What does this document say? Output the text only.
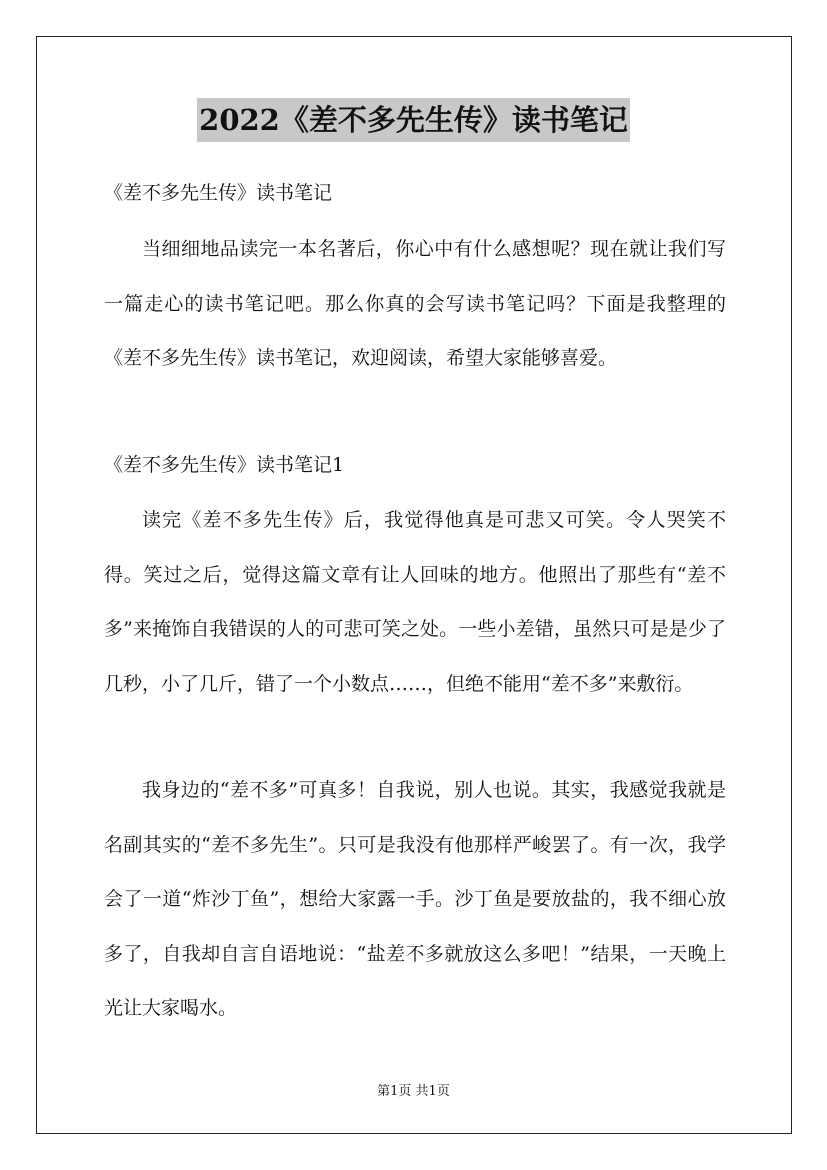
2022《差不多先生传》读书笔记
《差不多先生传》读书笔记

当细细地品读完一本名著后，你心中有什么感想呢？现在就让我们写一篇走心的读书笔记吧。那么你真的会写读书笔记吗？下面是我整理的《差不多先生传》读书笔记，欢迎阅读，希望大家能够喜爱。

《差不多先生传》读书笔记1

读完《差不多先生传》后，我觉得他真是可悲又可笑。令人哭笑不得。笑过之后，觉得这篇文章有让人回味的地方。他照出了那些有“差不多”来掩饰自我错误的人的可悲可笑之处。一些小差错，虽然只可是是少了几秒，小了几斤，错了一个小数点……，但绝不能用“差不多”来敷衍。

我身边的“差不多”可真多！自我说，别人也说。其实，我感觉我就是名副其实的“差不多先生”。只可是我没有他那样严峻罢了。有一次，我学会了一道“炸沙丁鱼”，想给大家露一手。沙丁鱼是要放盐的，我不细心放多了，自我却自言自语地说：“盐差不多就放这么多吧！”结果，一天晚上光让大家喝水。

第1页 共1页
